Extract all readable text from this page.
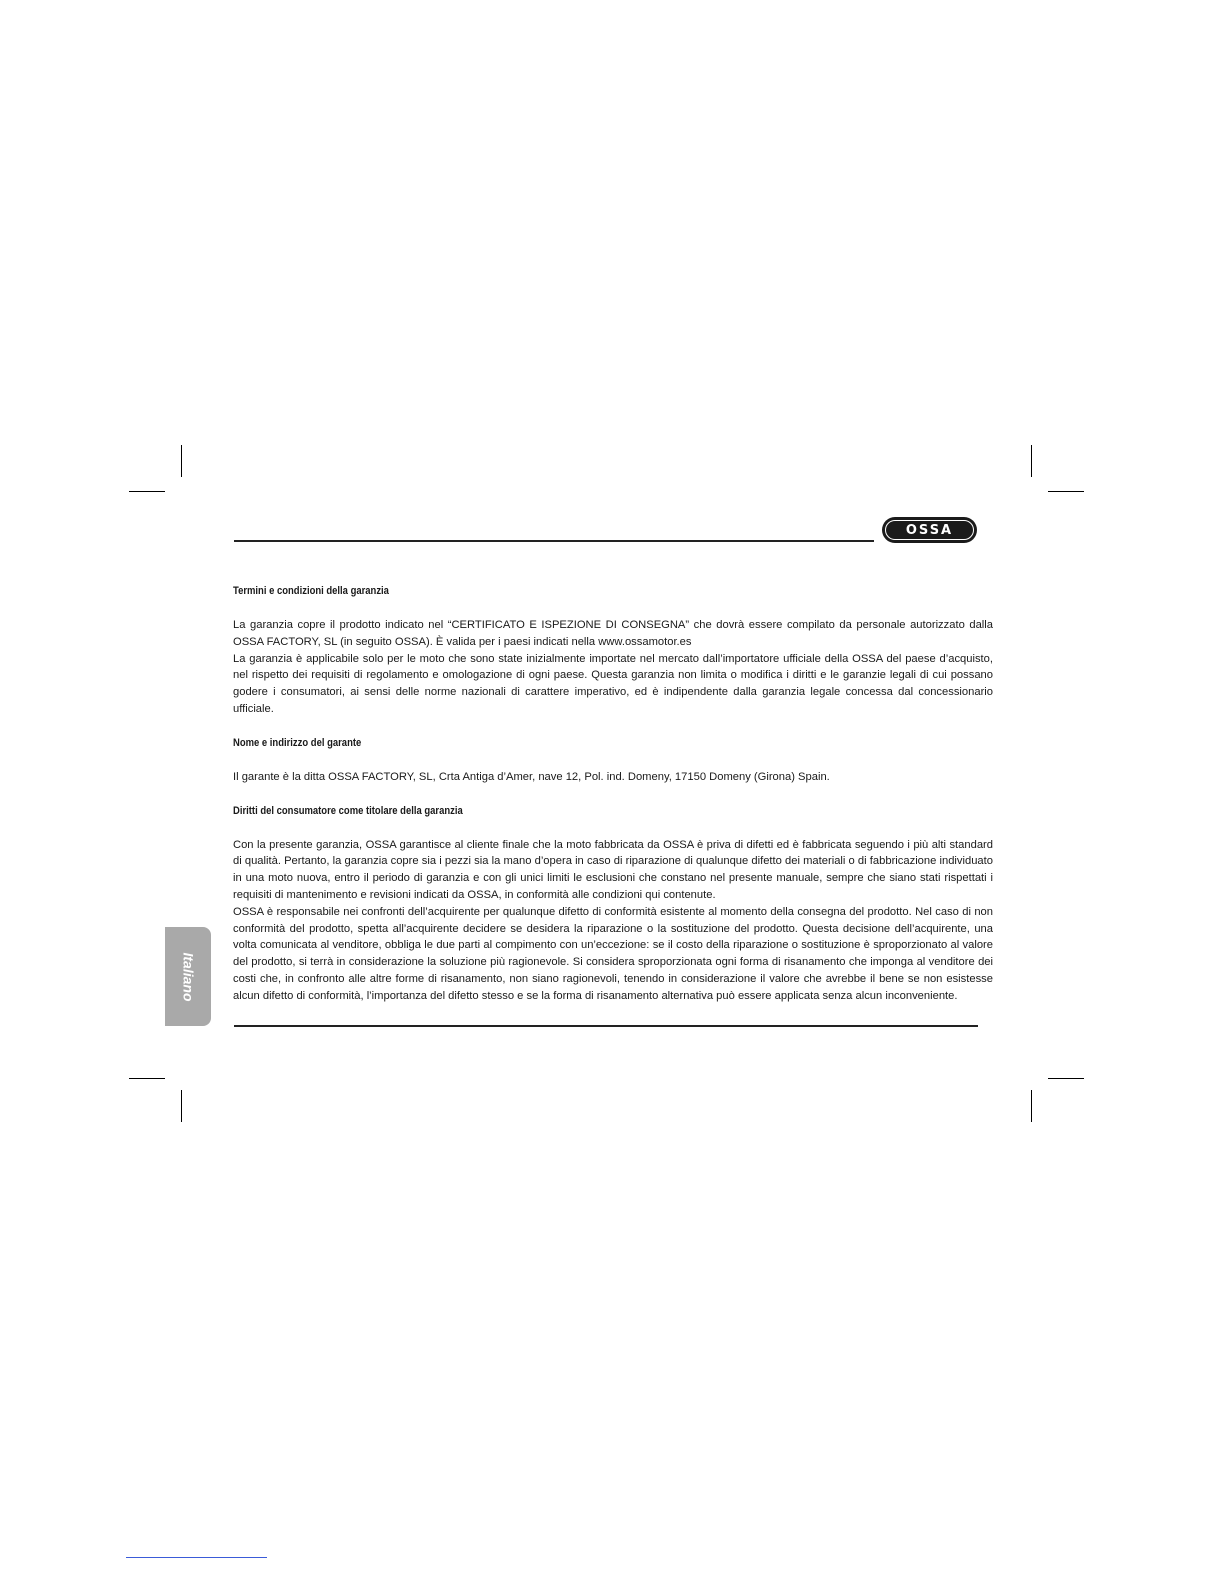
OSSA
Termini e condizioni della garanzia

La garanzia copre il prodotto indicato nel “CERTIFICATO E ISPEZIONE DI CONSEGNA” che dovrà essere compilato da personale autorizzato dalla OSSA FACTORY, SL (in seguito OSSA). È valida per i paesi indicati nella www.ossamotor.es

La garanzia è applicabile solo per le moto che sono state inizialmente importate nel mercato dall’importatore ufficiale della OSSA del paese d’acquisto, nel rispetto dei requisiti di regolamento e omologazione di ogni paese. Questa garanzia non limita o modifica i diritti e le garanzie legali di cui possano godere i consumatori, ai sensi delle norme nazionali di carattere imperativo, ed è indipendente dalla garanzia legale concessa dal concessionario ufficiale.

Nome e indirizzo del garante

Il garante è la ditta OSSA FACTORY, SL, Crta Antiga d’Amer, nave 12, Pol. ind. Domeny, 17150 Domeny (Girona) Spain.

Diritti del consumatore come titolare della garanzia

Con la presente garanzia, OSSA garantisce al cliente finale che la moto fabbricata da OSSA è priva di difetti ed è fabbricata seguendo i più alti standard di qualità. Pertanto, la garanzia copre sia i pezzi sia la mano d’opera in caso di riparazione di qualunque difetto dei materiali o di fabbricazione individuato in una moto nuova, entro il periodo di garanzia e con gli unici limiti le esclusioni che constano nel presente manuale, sempre che siano stati rispettati i requisiti di mantenimento e revisioni indicati da OSSA, in conformità alle condizioni qui contenute.

OSSA è responsabile nei confronti dell’acquirente per qualunque difetto di conformità esistente al momento della consegna del prodotto. Nel caso di non conformità del prodotto, spetta all’acquirente decidere se desidera la riparazione o la sostituzione del prodotto. Questa decisione dell’acquirente, una volta comunicata al venditore, obbliga le due parti al compimento con un’eccezione: se il costo della riparazione o sostituzione è sproporzionato al valore del prodotto, si terrà in considerazione la soluzione più ragionevole. Si considera sproporzionata ogni forma di risanamento che imponga al venditore dei costi che, in confronto alle altre forme di risanamento, non siano ragionevoli, tenendo in considerazione il valore che avrebbe il bene se non esistesse alcun difetto di conformità, l’importanza del difetto stesso e se la forma di risanamento alternativa può essere applicata senza alcun inconveniente.

Italiano
